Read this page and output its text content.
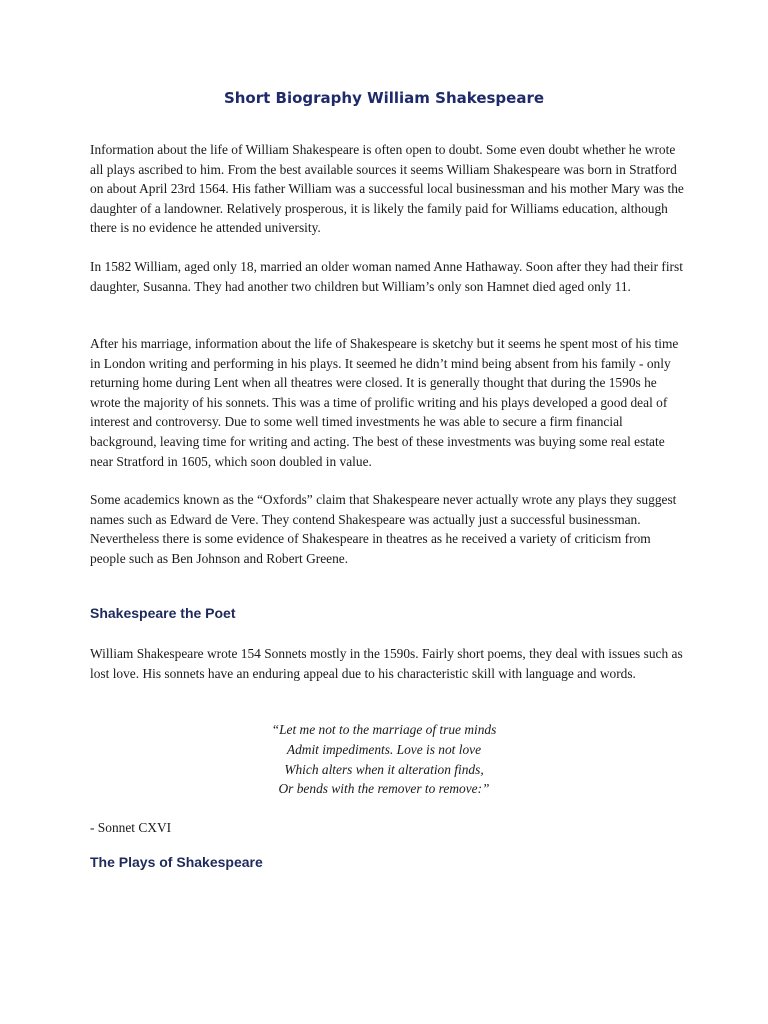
Short Biography William Shakespeare

Information about the life of William Shakespeare is often open to doubt. Some even doubt whether he wrote all plays ascribed to him. From the best available sources it seems William Shakespeare was born in Stratford on about April 23rd 1564. His father William was a successful local businessman and his mother Mary was the daughter of a landowner. Relatively prosperous, it is likely the family paid for Williams education, although there is no evidence he attended university.

In 1582 William, aged only 18, married an older woman named Anne Hathaway. Soon after they had their first daughter, Susanna. They had another two children but William’s only son Hamnet died aged only 11.

After his marriage, information about the life of Shakespeare is sketchy but it seems he spent most of his time in London writing and performing in his plays. It seemed he didn’t mind being absent from his family - only returning home during Lent when all theatres were closed. It is generally thought that during the 1590s he wrote the majority of his sonnets. This was a time of prolific writing and his plays developed a good deal of interest and controversy. Due to some well timed investments he was able to secure a firm financial background, leaving time for writing and acting. The best of these investments was buying some real estate near Stratford in 1605, which soon doubled in value.

Some academics known as the “Oxfords” claim that Shakespeare never actually wrote any plays they suggest names such as Edward de Vere. They contend Shakespeare was actually just a successful businessman. Nevertheless there is some evidence of Shakespeare in theatres as he received a variety of criticism from people such as Ben Johnson and Robert Greene.

Shakespeare the Poet

William Shakespeare wrote 154 Sonnets mostly in the 1590s. Fairly short poems, they deal with issues such as lost love. His sonnets have an enduring appeal due to his characteristic skill with language and words.

“Let me not to the marriage of true minds
Admit impediments. Love is not love
Which alters when it alteration finds,
Or bends with the remover to remove:”

- Sonnet CXVI

The Plays of Shakespeare
